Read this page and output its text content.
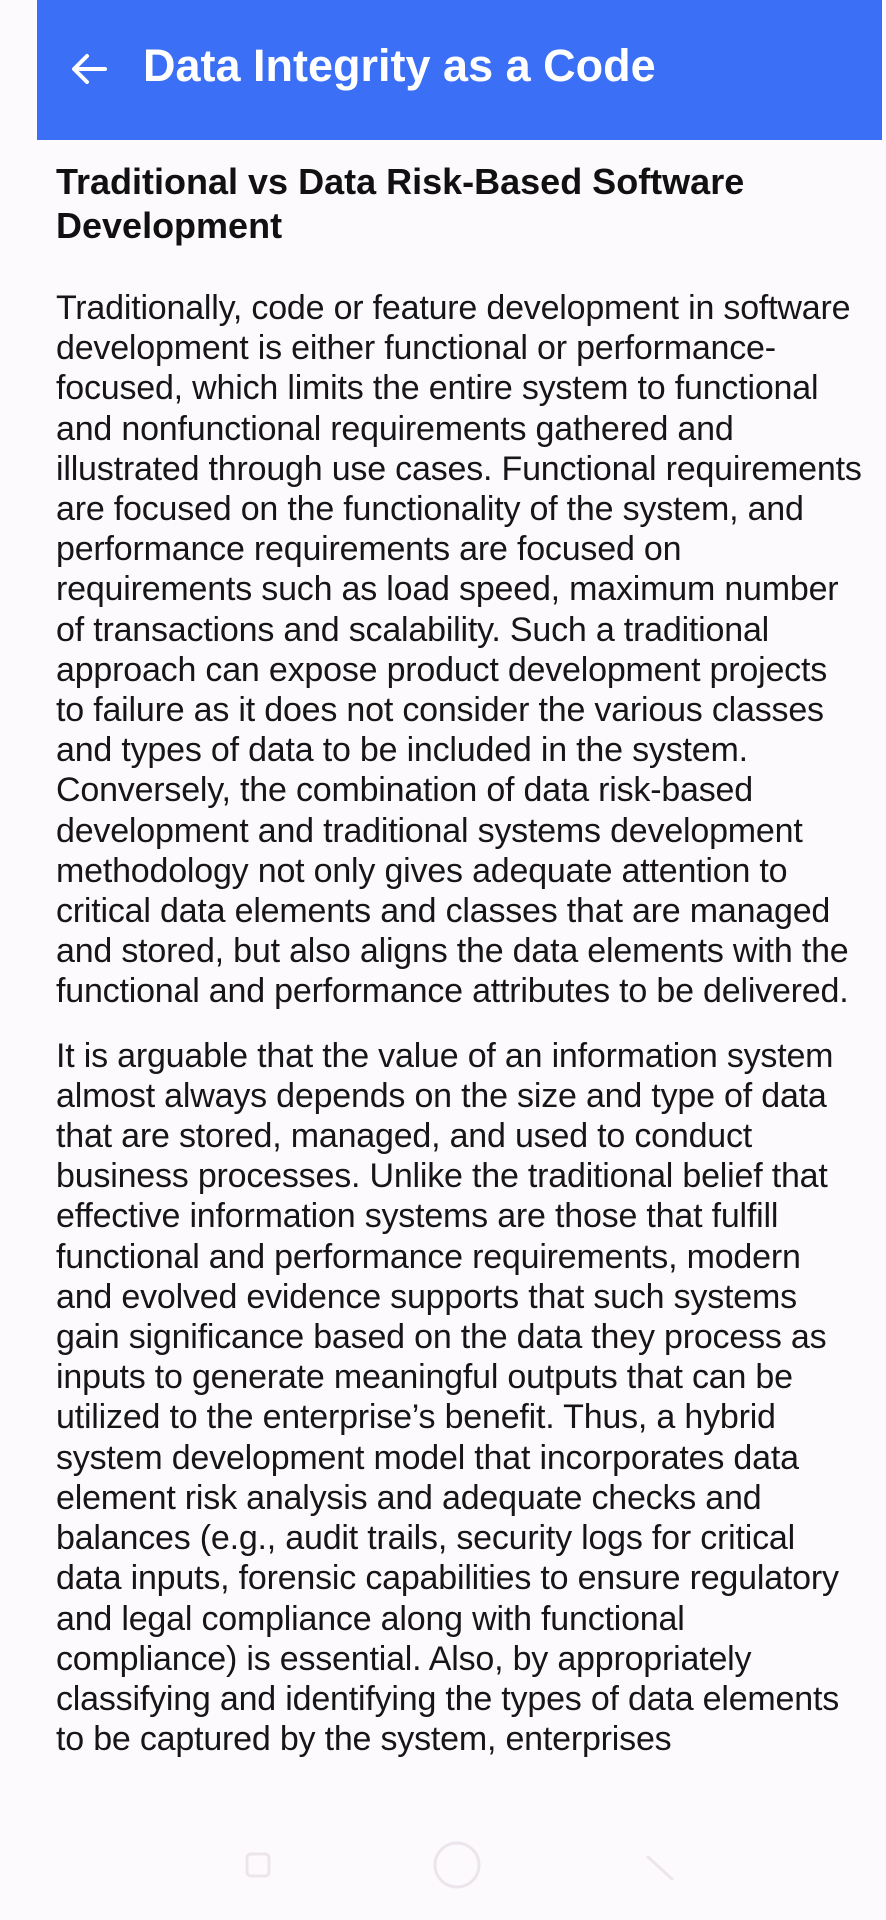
Data Integrity as a Code
Traditional vs Data Risk-Based Software Development

Traditionally, code or feature development in software development is either functional or performance-focused, which limits the entire system to functional and nonfunctional requirements gathered and illustrated through use cases. Functional requirements are focused on the functionality of the system, and performance requirements are focused on requirements such as load speed, maximum number of transactions and scalability. Such a traditional approach can expose product development projects to failure as it does not consider the various classes and types of data to be included in the system. Conversely, the combination of data risk-based development and traditional systems development methodology not only gives adequate attention to critical data elements and classes that are managed and stored, but also aligns the data elements with the functional and performance attributes to be delivered.

It is arguable that the value of an information system almost always depends on the size and type of data that are stored, managed, and used to conduct business processes. Unlike the traditional belief that effective information systems are those that fulfill functional and performance requirements, modern and evolved evidence supports that such systems gain significance based on the data they process as inputs to generate meaningful outputs that can be utilized to the enterprise’s benefit. Thus, a hybrid system development model that incorporates data element risk analysis and adequate checks and balances (e.g., audit trails, security logs for critical data inputs, forensic capabilities to ensure regulatory and legal compliance along with functional compliance) is essential. Also, by appropriately classifying and identifying the types of data elements to be captured by the system, enterprises
